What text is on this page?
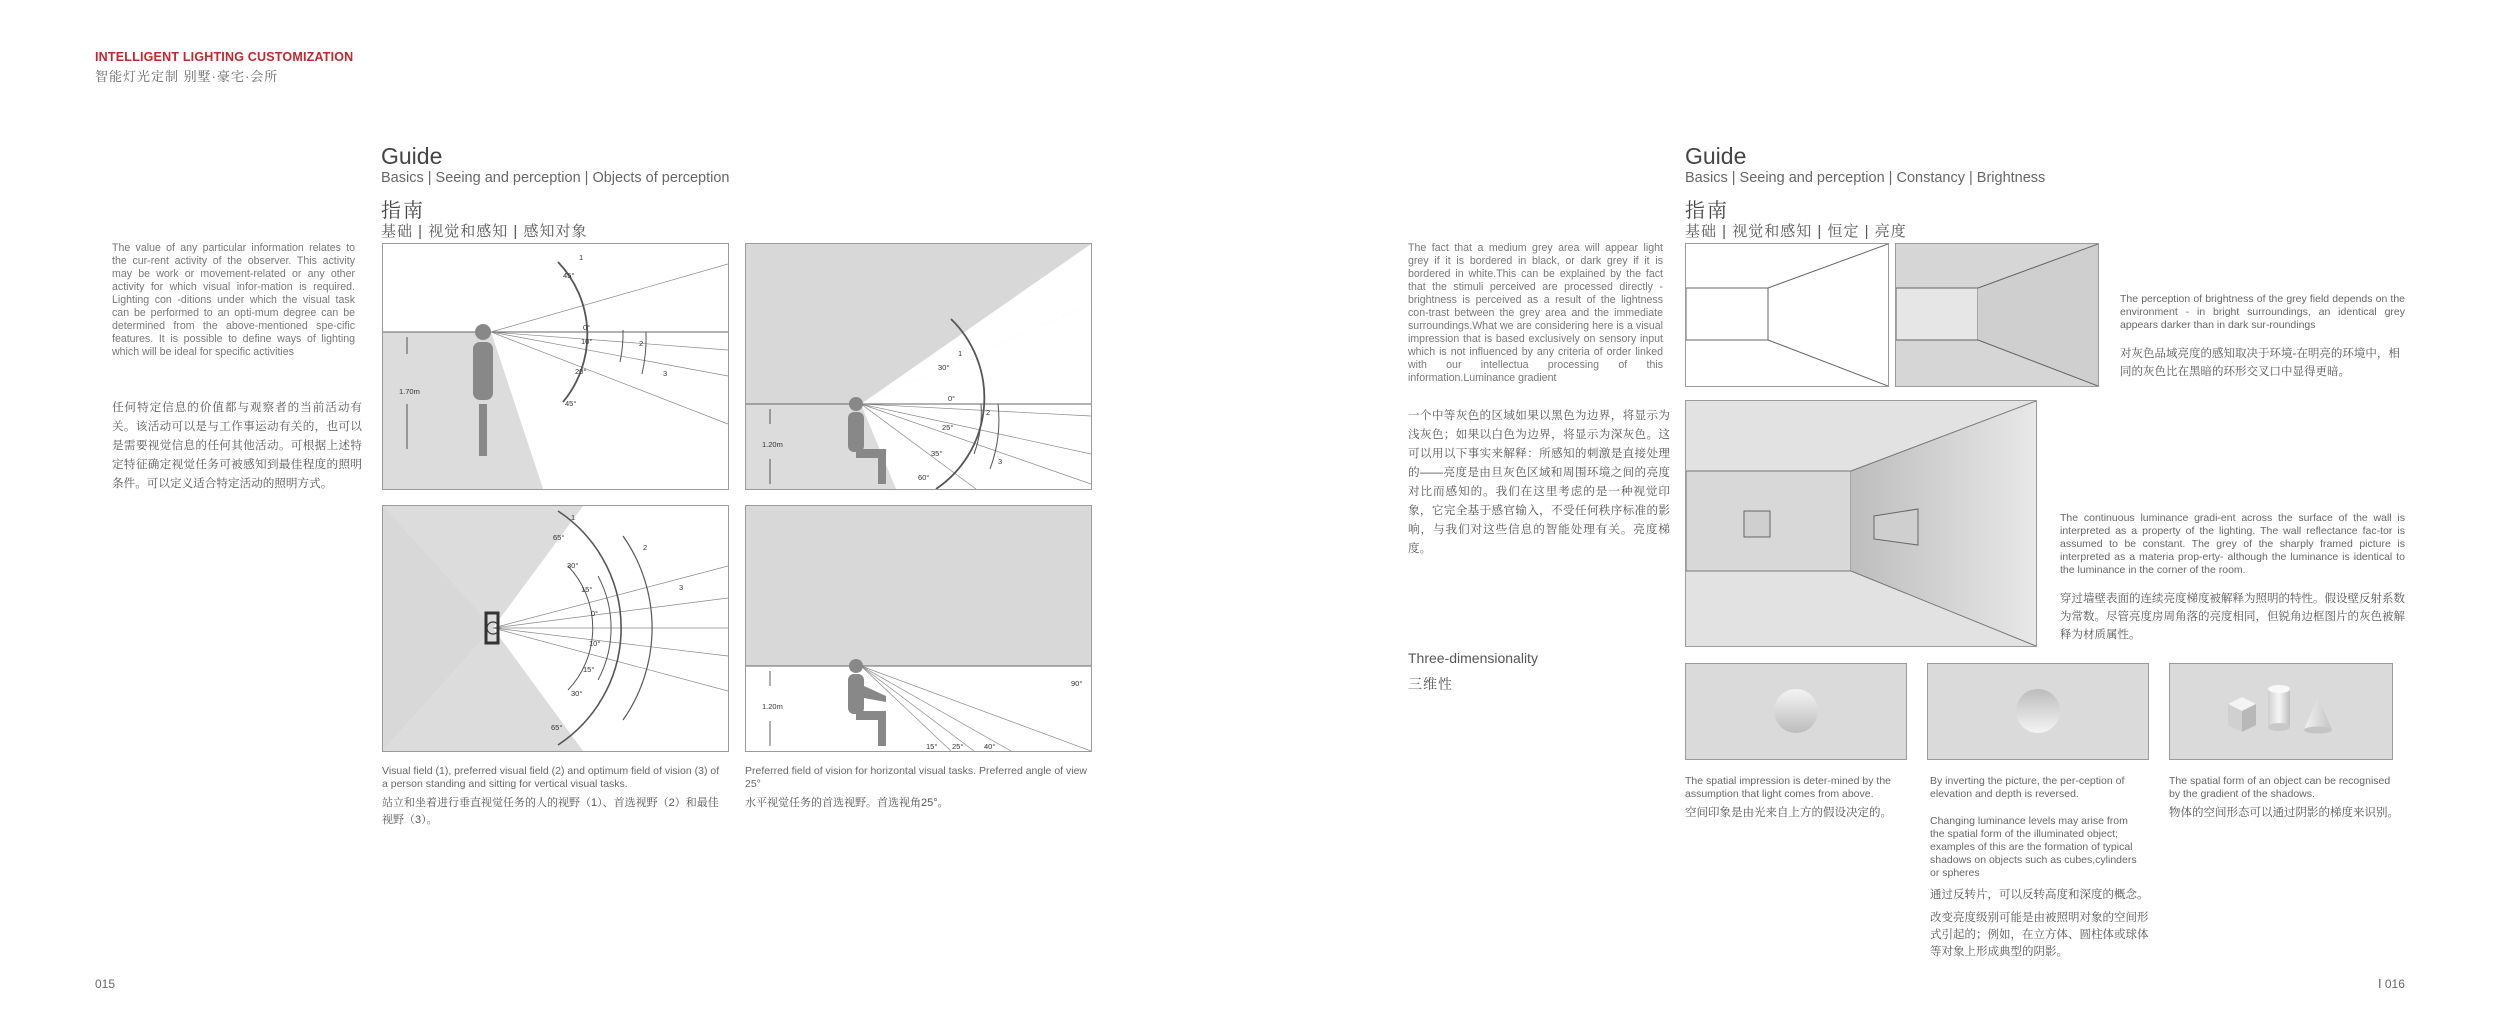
INTELLIGENT LIGHTING CUSTOMIZATION
智能灯光定制 别墅·豪宅·会所
Guide
Basics | Seeing and perception | Objects of perception
指南
基础 | 视觉和感知 | 感知对象
The value of any particular information relates to the cur-rent activity of the observer. This activity may be work or movement-related or any other activity for which visual infor-mation is required. Lighting con -ditions under which the visual task can be performed to an opti-mum degree can be determined from the above-mentioned spe-cific features. It is possible to define ways of lighting which will be ideal for specific activities
任何特定信息的价值都与观察者的当前活动有关。该活动可以是与工作事运动有关的，也可以是需要视觉信息的任何其他活动。可根据上述特定特征确定视觉任务可被感知到最佳程度的照明条件。可以定义适合特定活动的照明方式。
1
45°
0°
10°	2
20°	3
45°
1.70m
1
30°
0°
2
25°
35°
3
60°
1.20m
1
65°
2
30°
3
15°
0°
10°
15°
30°
65°
90°
15° 25°	40°
1.20m
Visual field (1), preferred visual field (2) and optimum field of vision (3) of a person standing and sitting for vertical visual tasks.
站立和坐着进行垂直视觉任务的人的视野（1）、首选视野（2）和最佳视野（3）。
Preferred field of vision for horizontal visual tasks. Preferred angle of view 25°
水平视觉任务的首选视野。首选视角25°。
015
Guide
Basics | Seeing and perception | Constancy | Brightness
指南
基础 | 视觉和感知 | 恒定 | 亮度
The fact that a medium grey area will appear light grey if it is bordered in black, or dark grey if it is bordered in white.This can be explained by the fact that the stimuli perceived are processed directly - brightness is perceived as a result of the lightness con-trast between the grey area and the immediate surroundings.What we are considering here is a visual impression that is based exclusively on sensory input which is not influenced by any criteria of order linked with our intellectua processing of this information.Luminance gradient
一个中等灰色的区域如果以黑色为边界，将显示为浅灰色；如果以白色为边界，将显示为深灰色。这可以用以下事实来解释：所感知的刺激是直接处理的——亮度是由旦灰色区域和周围环境之间的亮度对比而感知的。我们在这里考虑的是一种视觉印象，它完全基于感官输入，不受任何秩序标准的影响，与我们对这些信息的智能处理有关。亮度梯度。
Three-dimensionality
三维性
The perception of brightness of the grey field depends on the environment - in bright surroundings, an identical grey appears darker than in dark sur-roundings
对灰色品域亮度的感知取决于环境-在明亮的环境中，相同的灰色比在黑暗的环形交叉口中显得更暗。
The continuous luminance gradi-ent across the surface of the wall is interpreted as a property of the lighting. The wall reflectance fac-tor is assumed to be constant. The grey of the sharply framed picture is interpreted as a materia prop-erty- although the luminance is identical to the luminance in the corner of the room.
穿过墙壁表面的连续亮度梯度被解释为照明的特性。假设壁反射系数为常数。尽管亮度房周角落的亮度相同，但锐角边框图片的灰色被解释为材质属性。
The spatial impression is deter-mined by the assumption that light comes from above.
空间印象是由光来自上方的假设决定的。
By inverting the picture, the per-ception of elevation and depth is reversed.
Changing luminance levels may arise from the spatial form of the illuminated object; examples of this are the formation of typical shadows on objects such as cubes,cylinders or spheres
通过反转片，可以反转高度和深度的概念。
改变亮度级别可能是由被照明对象的空间形式引起的；例如，在立方体、圆柱体或球体等对象上形成典型的阴影。
The spatial form of an object can be recognised by the gradient of the shadows.
物体的空间形态可以通过阴影的梯度来识别。
Ⅰ 016
